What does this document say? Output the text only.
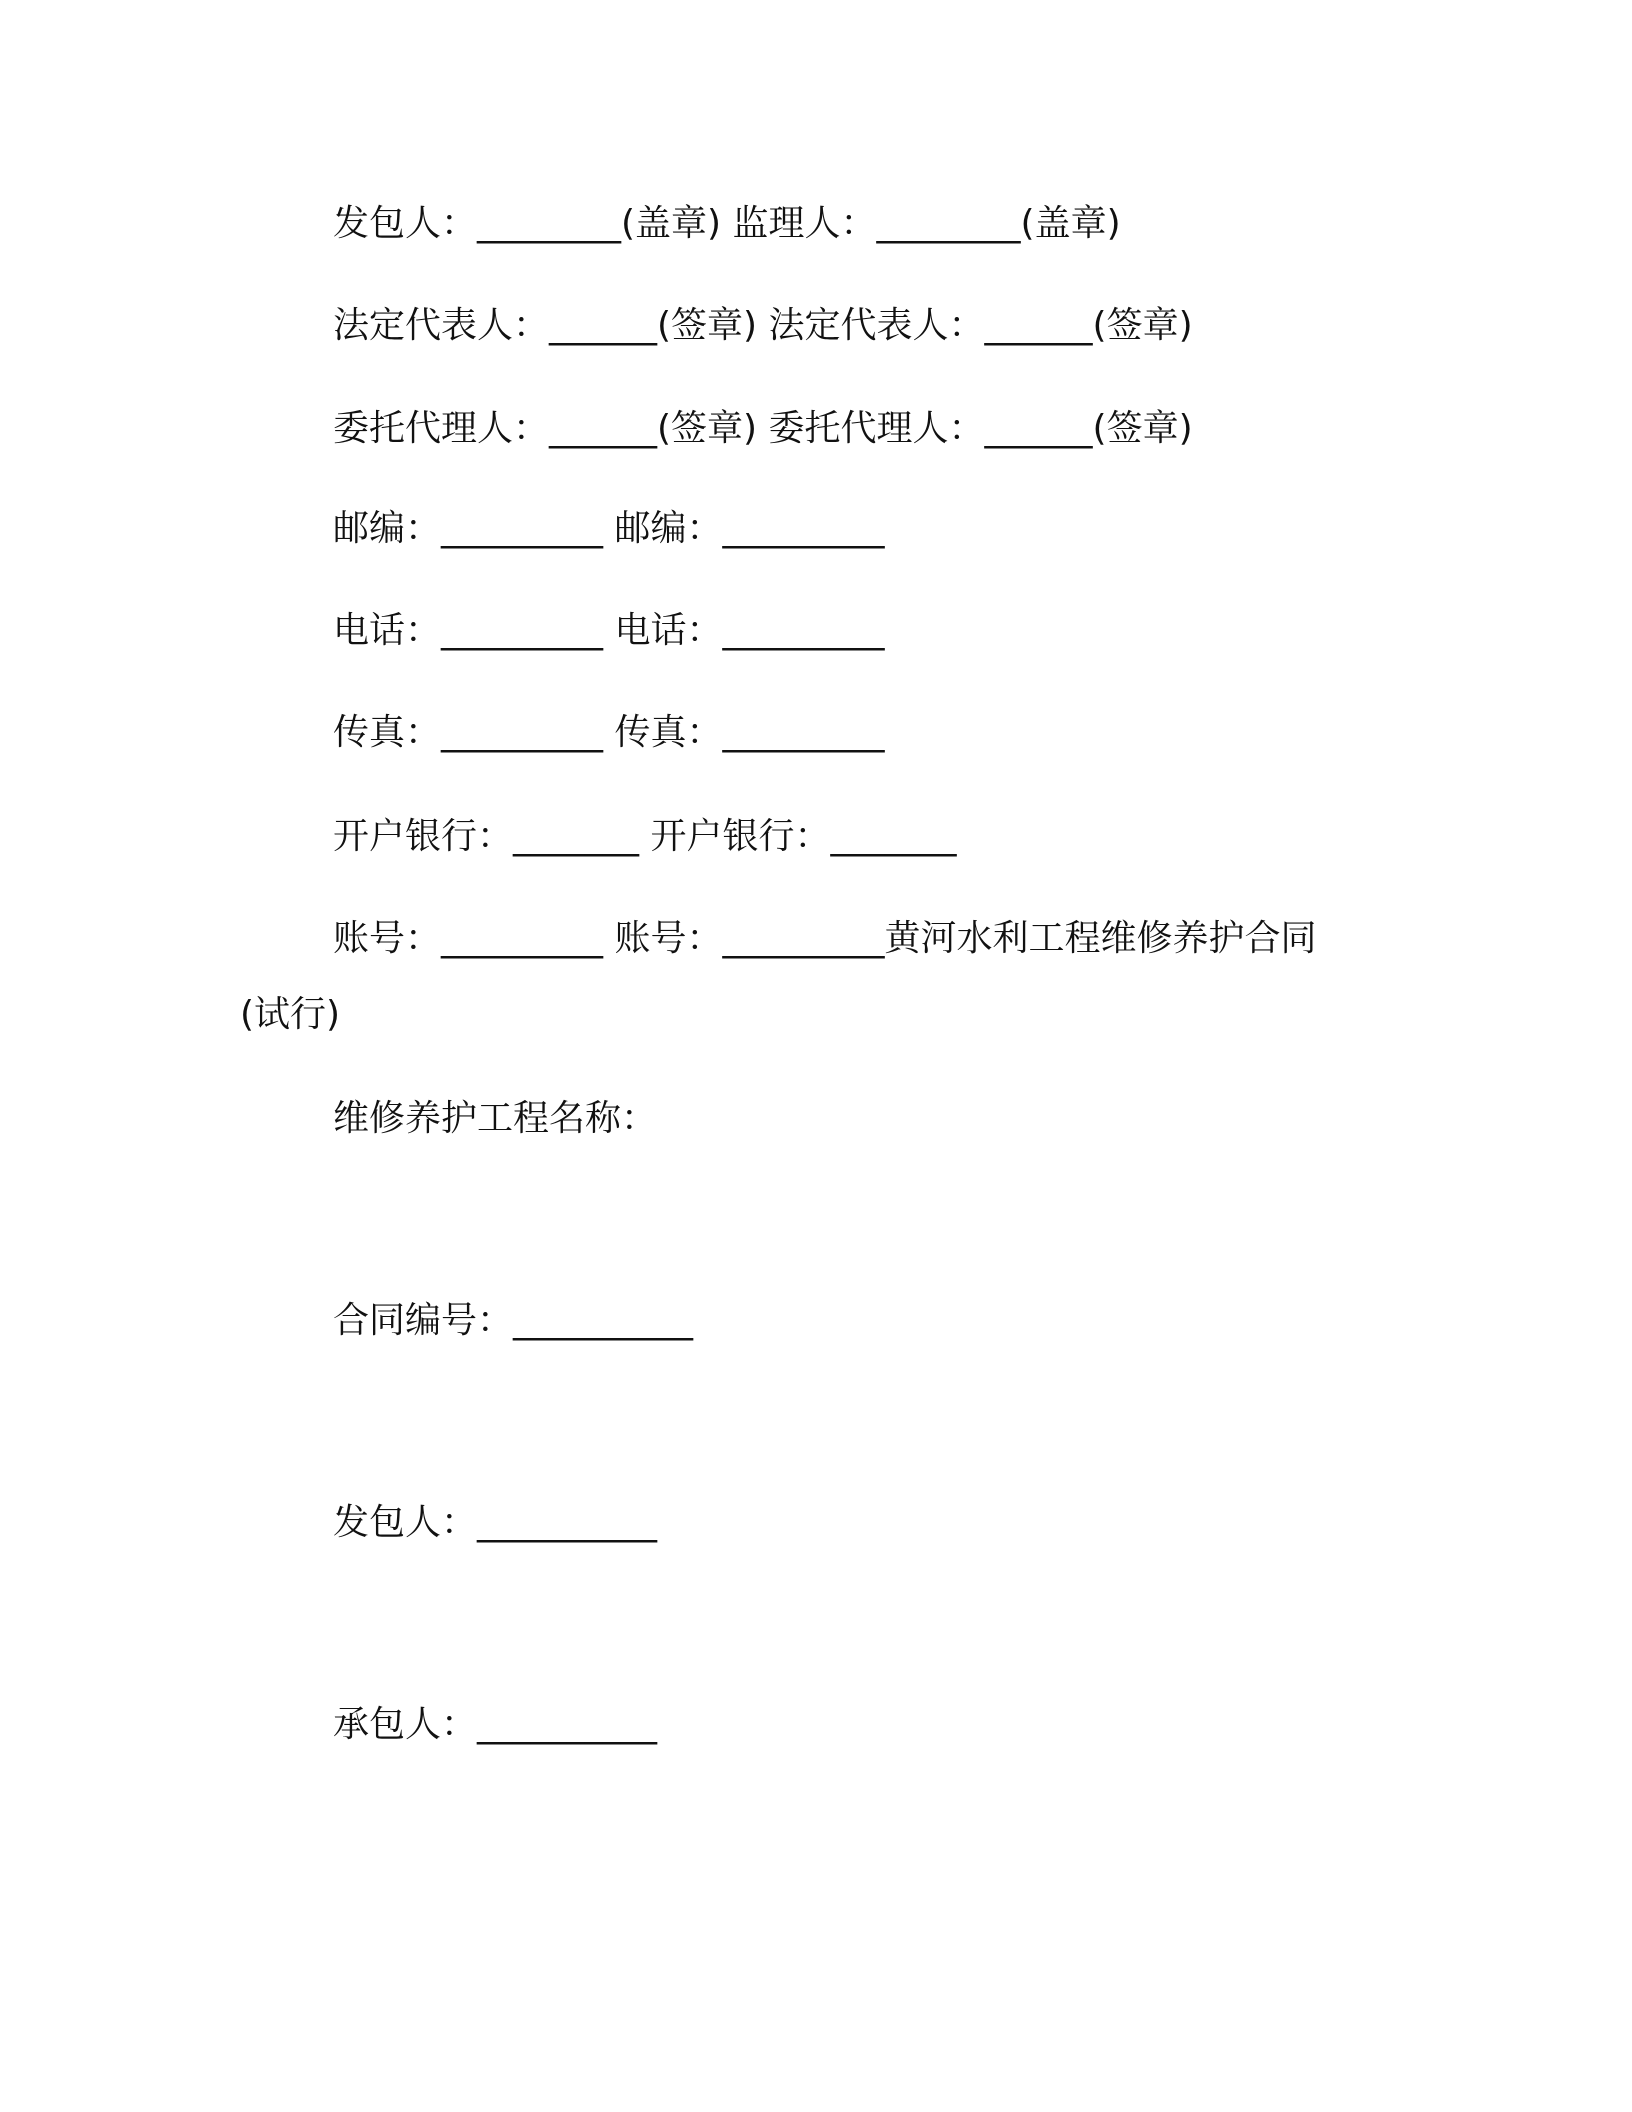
发包人：________(盖章) 监理人：________(盖章)
法定代表人：______(签章) 法定代表人：______(签章)
委托代理人：______(签章) 委托代理人：______(签章)
邮编：_________ 邮编：_________
电话：_________ 电话：_________
传真：_________ 传真：_________
开户银行：_______ 开户银行：_______
账号：_________ 账号：_________黄河水利工程维修养护合同
(试行)
维修养护工程名称：
合同编号：__________
发包人：__________
承包人：__________
